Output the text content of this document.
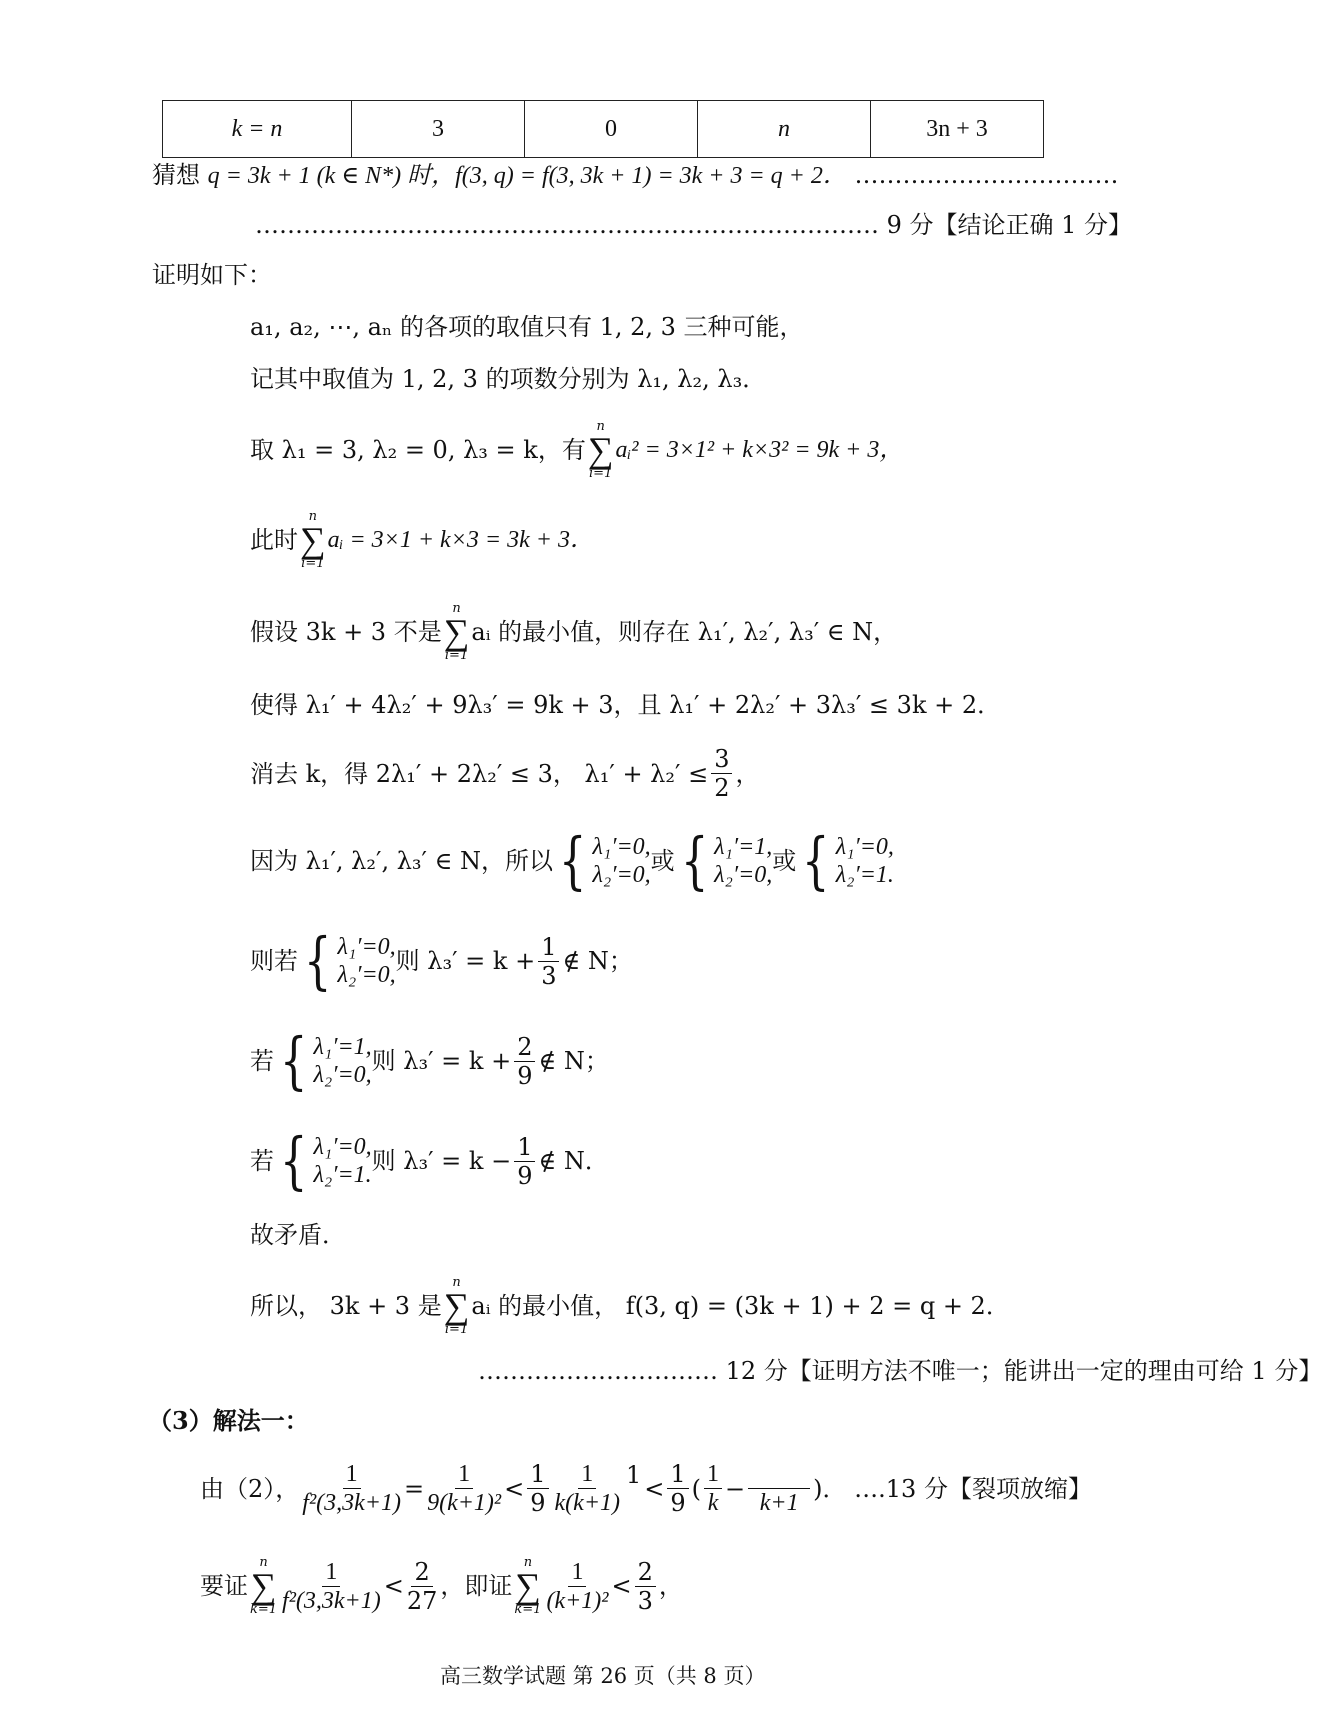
k = n	3	0	n	3n + 3
猜想 q = 3k + 1 (k ∈ N*) 时，f(3, q) = f(3, 3k + 1) = 3k + 3 = q + 2． ……………………………
…………………………………………………………………… 9 分【结论正确 1 分】
证明如下：
a₁, a₂, ⋯, aₙ 的各项的取值只有 1, 2, 3 三种可能，
记其中取值为 1, 2, 3 的项数分别为 λ₁, λ₂, λ₃．
取 λ₁ = 3, λ₂ = 0, λ₃ = k，有
n
∑
i=1
aᵢ² = 3×1² + k×3² = 9k + 3，
此时
n
∑
i=1
aᵢ = 3×1 + k×3 = 3k + 3．
假设 3k + 3 不是
n
∑
i=1
aᵢ 的最小值，则存在 λ₁′, λ₂′, λ₃′ ∈ N，
使得 λ₁′ + 4λ₂′ + 9λ₃′ = 9k + 3，且 λ₁′ + 2λ₂′ + 3λ₃′ ≤ 3k + 2．
消去 k，得 2λ₁′ + 2λ₂′ ≤ 3， $\lambda_1' + \lambda_2' \le \frac{3}{2}$ ，
因为 λ₁′, λ₂′, λ₃′ ∈ N，所以 { λ₁′=0,
λ₂′=0, 或 { λ₁′=1,
λ₂′=0, 或 { λ₁′=0,
λ₂′=1.
则若 { λ₁′=0,
λ₂′=0, 则 $\lambda_3' = k + \frac{1}{3}$ ∉ N；
若 { λ₁′=1,
λ₂′=0, 则 $\lambda_3' = k + \frac{2}{9}$ ∉ N；
若 { λ₁′=0,
λ₂′=1. 则 $\lambda_3' = k - \frac{1}{9}$ ∉ N．
故矛盾．
所以， 3k + 3 是
n
∑
i=1
aᵢ 的最小值， f(3, q) = (3k + 1) + 2 = q + 2．
………………………… 12 分【证明方法不唯一；能讲出一定的理由可给 1 分】
（3）解法一：
由（2）， $\frac{1}{\text{f²(3,3k+1)}} = \frac{1}{\text{9(k+1)²}} < \frac{1}{9} \frac{1}{k(k+1)} 1 < \frac{1}{9}$ ( $\frac{1}{k}$ −
k+1
)． ….13 分【裂项放缩】
要证
n
∑
$k=1 \frac{1}{\text{f²(3,3k+1)}} < \frac{2}{27}$ ，即证
n
∑
$k=1 \frac{1}{\text{(k+1)²}} < \frac{2}{3}$ ，
高三数学试题 第 26 页（共 8 页）
